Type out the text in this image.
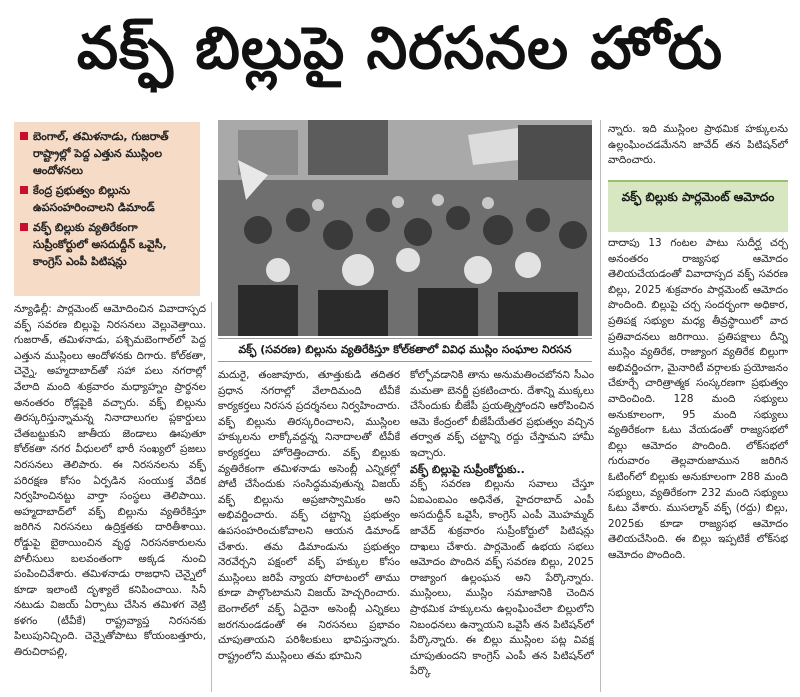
వక్ఫ్ బిల్లుపై నిరసనల హోరు
బెంగాల్, తమిళనాడు, గుజరాత్ రాష్ట్రాల్లో పెద్ద ఎత్తున ముస్లింల ఆందోళనలు
కేంద్ర ప్రభుత్వం బిల్లును ఉపసంహరించాలని డిమాండ్
వక్ఫ్ బిల్లుకు వ్యతిరేకంగా సుప్రీంకోర్టులో అసదుద్దీన్ ఒవైసీ, కాంగ్రెస్ ఎంపీ పిటిషన్లు
వక్ఫ్ (సవరణ) బిల్లును వ్యతిరేకిస్తూ కోల్‌కతాలో వివిధ ముస్లిం సంఘాల నిరసన

న్యూఢిల్లీ: పార్లమెంట్ ఆమోదించిన వివాదాస్పద వక్ఫ్ సవరణ బిల్లుపై నిరసనలు వెల్లువెత్తాయి. గుజరాత్, తమిళనాడు, పశ్చిమబెంగాల్‌లో పెద్ద ఎత్తున ముస్లింలు ఆందోళనకు దిగారు. కోల్‌కతా, చెన్నై, అహ్మదాబాద్‌తో సహా పలు నగరాల్లో వేలాది మంది శుక్రవారం మధ్యాహ్నం ప్రార్థనల అనంతరం రోడ్లపైకి వచ్చారు. వక్ఫ్ బిల్లును తిరస్కరిస్తున్నామన్న నినాదాలుగల ప్లకార్డులు చేతబట్టుకుని జాతీయ జెండాలు ఊపుతూ కోల్‌కతా నగర వీధులలో భారీ సంఖ్యలో ప్రజలు నిరసనలు తెలిపారు. ఈ నిరసనలను వక్ఫ్ పరిరక్షణ కోసం ఏర్పడిన సంయుక్త వేదిక నిర్వహించినట్టు వార్తా సంస్థలు తెలిపాయి. అహ్మదాబాద్‌లో వక్ఫ్ బిల్లును వ్యతిరేకిస్తూ జరిగిన నిరసనలు ఉద్రిక్తతకు దారితీశాయి. రోడ్డుపై బైఠాయించిన వృద్ధ నిరసనకారులను పోలీసులు బలవంతంగా అక్కడ నుంచి పంపించివేశారు. తమిళనాడు రాజధాని చెన్నైలో కూడా ఇలాంటి దృశ్యాలే కనిపించాయి. సినీ నటుడు విజయ్ ఏర్పాటు చేసిన తమిళగ వెట్రి కళగం (టీవీకే) రాష్ట్రవ్యాప్త నిరసనకు పిలుపునిచ్చింది. చెన్నైతోపాటు కోయంబత్తూరు, తిరుచిరాపల్లి,

మదురై, తంజావూరు, తూత్తుకుడి తదితర ప్రధాన నగరాల్లో వేలాదిమంది టీవీకే కార్యకర్తలు నిరసన ప్రదర్శనలు నిర్వహించారు. వక్ఫ్ బిల్లును తిరస్కరించాలని, ముస్లింల హక్కులను లాక్కోవద్దన్న నినాదాలతో టీవీకే కార్యకర్తలు హోరెత్తించారు. వక్ఫ్ బిల్లుకు వ్యతిరేకంగా తమిళనాడు అసెంబ్లీ ఎన్నికల్లో పోటీ చేసేందుకు సంసిద్ధమవుతున్న విజయ్ వక్ఫ్ బిల్లును అప్రజాస్వామికం అని అభివర్ణించారు. వక్ఫ్ చట్టాన్ని ప్రభుత్వం ఉపసంహరించుకోవాలని ఆయన డిమాండ్ చేశారు. తమ డిమాండును ప్రభుత్వం నెరవేర్చని పక్షంలో వక్ఫ్ హక్కుల కోసం ముస్లింలు జరిపే న్యాయ పోరాటంలో తాము కూడా పాల్గొంటామని విజయ్ హెచ్చరించారు. బెంగాల్‌లో వక్ఫ్ ఏదైనా అసెంబ్లీ ఎన్నికలు జరగనుండడంతో ఈ నిరసనలు ప్రభావం చూపుతాయని పరిశీలకులు భావిస్తున్నారు. రాష్ట్రంలోని ముస్లింలు తమ భూమిని

కోల్పోవడానికి తాను అనుమతించబోనని సీఎం మమతా బెనర్జీ ప్రకటించారు. దేశాన్ని ముక్కలు చేసేందుకు బీజేపీ ప్రయత్నిస్తోందని ఆరోపించిన ఆమె కేంద్రంలో బీజేపీయేతర ప్రభుత్వం వచ్చిన తర్వాత వక్ఫ్ చట్టాన్ని రద్దు చేస్తామని హామీ ఇచ్చారు.

వక్ఫ్ బిల్లుపై సుప్రీంకోర్టుకు..

వక్ఫ్ సవరణ బిల్లును సవాలు చేస్తూ ఏఐఎంఐఎం అధినేత, హైదరాబాద్ ఎంపీ అసదుద్దీన్ ఒవైసీ, కాంగ్రెస్ ఎంపీ మొహమ్మద్ జావేద్ శుక్రవారం సుప్రీంకోర్టులో పిటిషన్లు దాఖలు చేశారు. పార్లమెంట్ ఉభయ సభలు ఆమోదం పొందిన వక్ఫ్ సవరణ బిల్లు, 2025 రాజ్యాంగ ఉల్లంఘన అని పేర్కొన్నారు. ముస్లింలు, ముస్లిం సమాజానికి చెందిన ప్రాథమిక హక్కులను ఉల్లంఘించేలా బిల్లులోని నిబంధనలు ఉన్నాయని ఒవైసీ తన పిటిషన్‌లో పేర్కొన్నారు. ఈ బిల్లు ముస్లింల పట్ల వివక్ష చూపుతుందని కాంగ్రెస్ ఎంపీ తన పిటిషన్‌లో పేర్కొ

న్నారు. ఇది ముస్లింల ప్రాథమిక హక్కులను ఉల్లంఘించడమేనని జావేద్ తన పిటిషన్‌లో వాదించారు.

వక్ఫ్ బిల్లుకు పార్లమెంట్ ఆమోదం

దాదాపు 13 గంటల పాటు సుదీర్ఘ చర్చ అనంతరం రాజ్యసభ ఆమోదం తెలియచేయడంతో వివాదాస్పద వక్ఫ్ సవరణ బిల్లు, 2025 శుక్రవారం పార్లమెంట్ ఆమోదం పొందింది. బిల్లుపై చర్చ సందర్భంగా అధికార, ప్రతిపక్ష సభ్యుల మధ్య తీవ్రస్థాయిలో వాద ప్రతివాదనలు జరిగాయి. ప్రతిపక్షాలు దీన్ని ముస్లిం వ్యతిరేక, రాజ్యాంగ వ్యతిరేక బిల్లుగా అభివర్ణించగా, మైనారిటీ వర్గాలకు ప్రయోజనం చేకూర్చే చారిత్రాత్మక సంస్కరణగా ప్రభుత్వం వాదించింది. 128 మంది సభ్యులు అనుకూలంగా, 95 మంది సభ్యులు వ్యతిరేకంగా ఓటు వేయడంతో రాజ్యసభలో బిల్లు ఆమోదం పొందింది. లోక్‌సభలో గురువారం తెల్లవారుజామున జరిగిన ఓటింగ్‌లో బిల్లుకు అనుకూలంగా 288 మంది సభ్యులు, వ్యతిరేకంగా 232 మంది సభ్యులు ఓటు వేశారు. ముసల్మాన్ వక్ఫ్ (రద్దు) బిల్లు, 2025కు కూడా రాజ్యసభ ఆమోదం తెలియచేసింది. ఈ బిల్లు ఇప్పటికే లోక్‌సభ ఆమోదం పొందింది.
